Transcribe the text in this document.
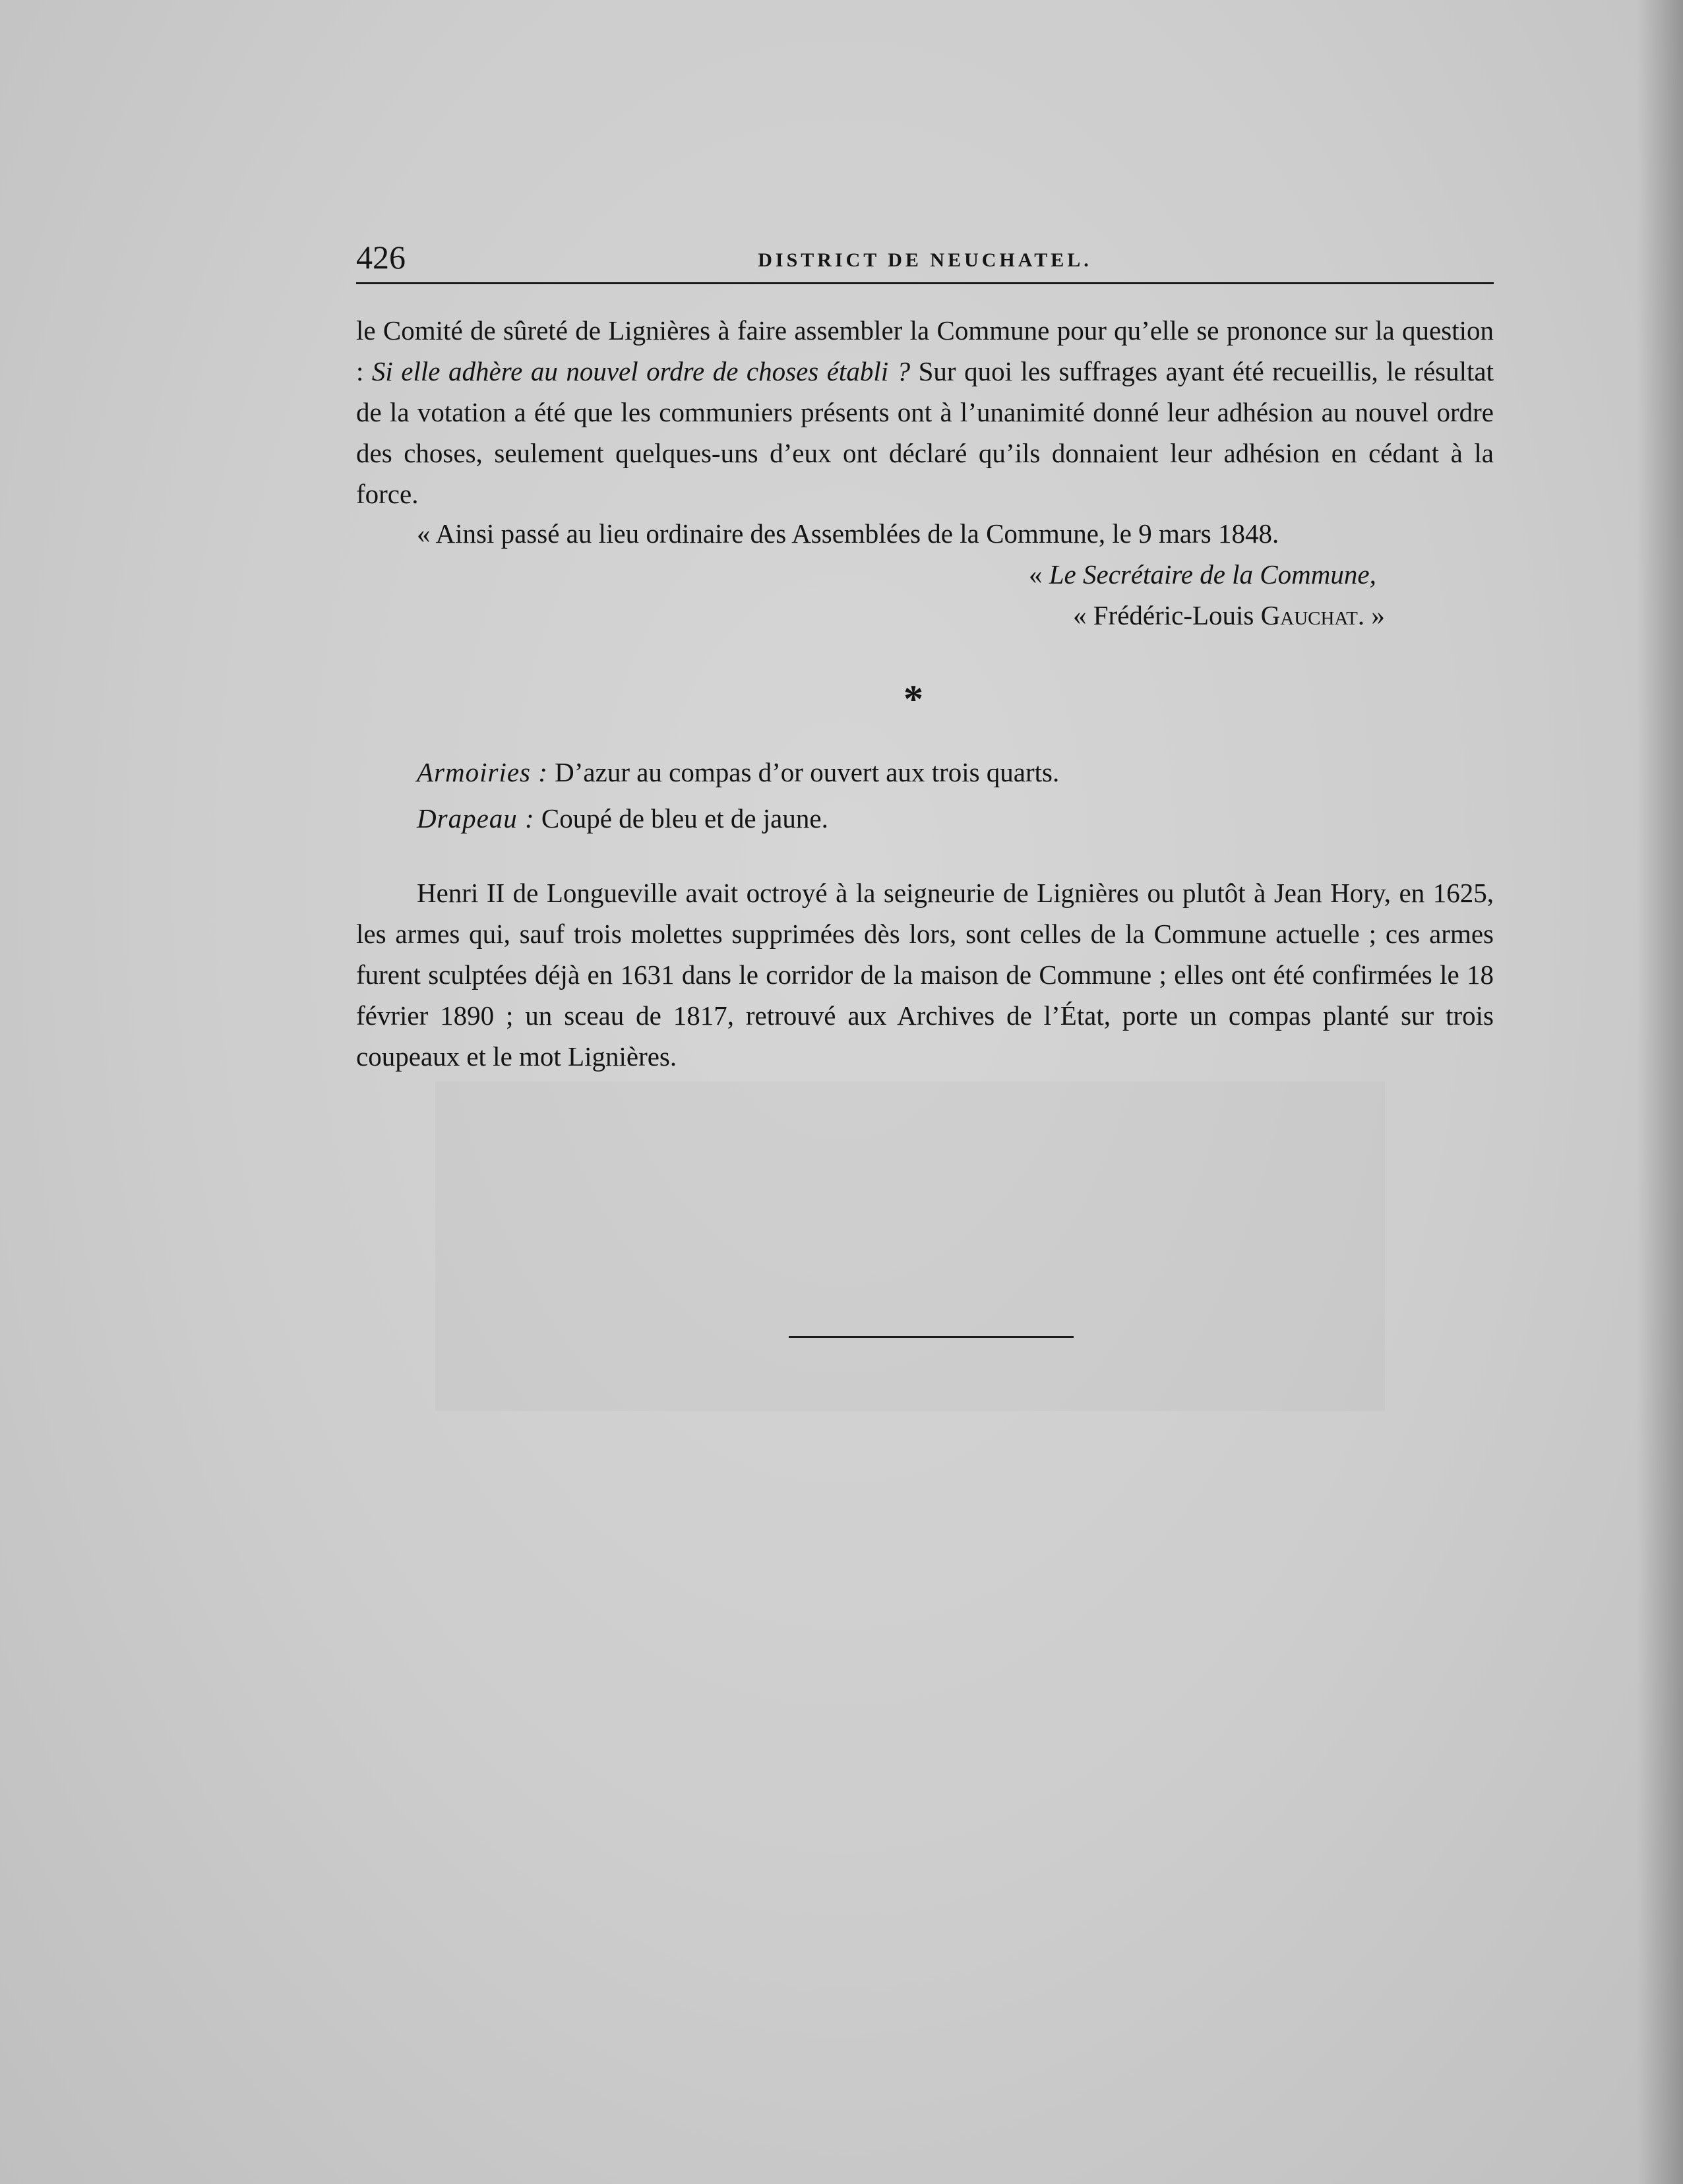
426	DISTRICT DE NEUCHATEL.

le Comité de sûreté de Lignières à faire assembler la Commune pour qu’elle se prononce sur la question : Si elle adhère au nouvel ordre de choses établi ? Sur quoi les suffrages ayant été recueillis, le résultat de la votation a été que les communiers présents ont à l’unanimité donné leur adhésion au nouvel ordre des choses, seulement quelques-uns d’eux ont déclaré qu’ils donnaient leur adhésion en cédant à la force.

« Ainsi passé au lieu ordinaire des Assemblées de la Commune, le 9 mars 1848.

« Le Secrétaire de la Commune,
« Frédéric-Louis Gauchat. »
*
Armoiries : D’azur au compas d’or ouvert aux trois quarts.
Drapeau : Coupé de bleu et de jaune.

Henri II de Longueville avait octroyé à la seigneurie de Lignières ou plutôt à Jean Hory, en 1625, les armes qui, sauf trois molettes supprimées dès lors, sont celles de la Commune actuelle ; ces armes furent sculptées déjà en 1631 dans le corridor de la maison de Commune ; elles ont été confirmées le 18 février 1890 ; un sceau de 1817, retrouvé aux Archives de l’État, porte un compas planté sur trois coupeaux et le mot Lignières.
